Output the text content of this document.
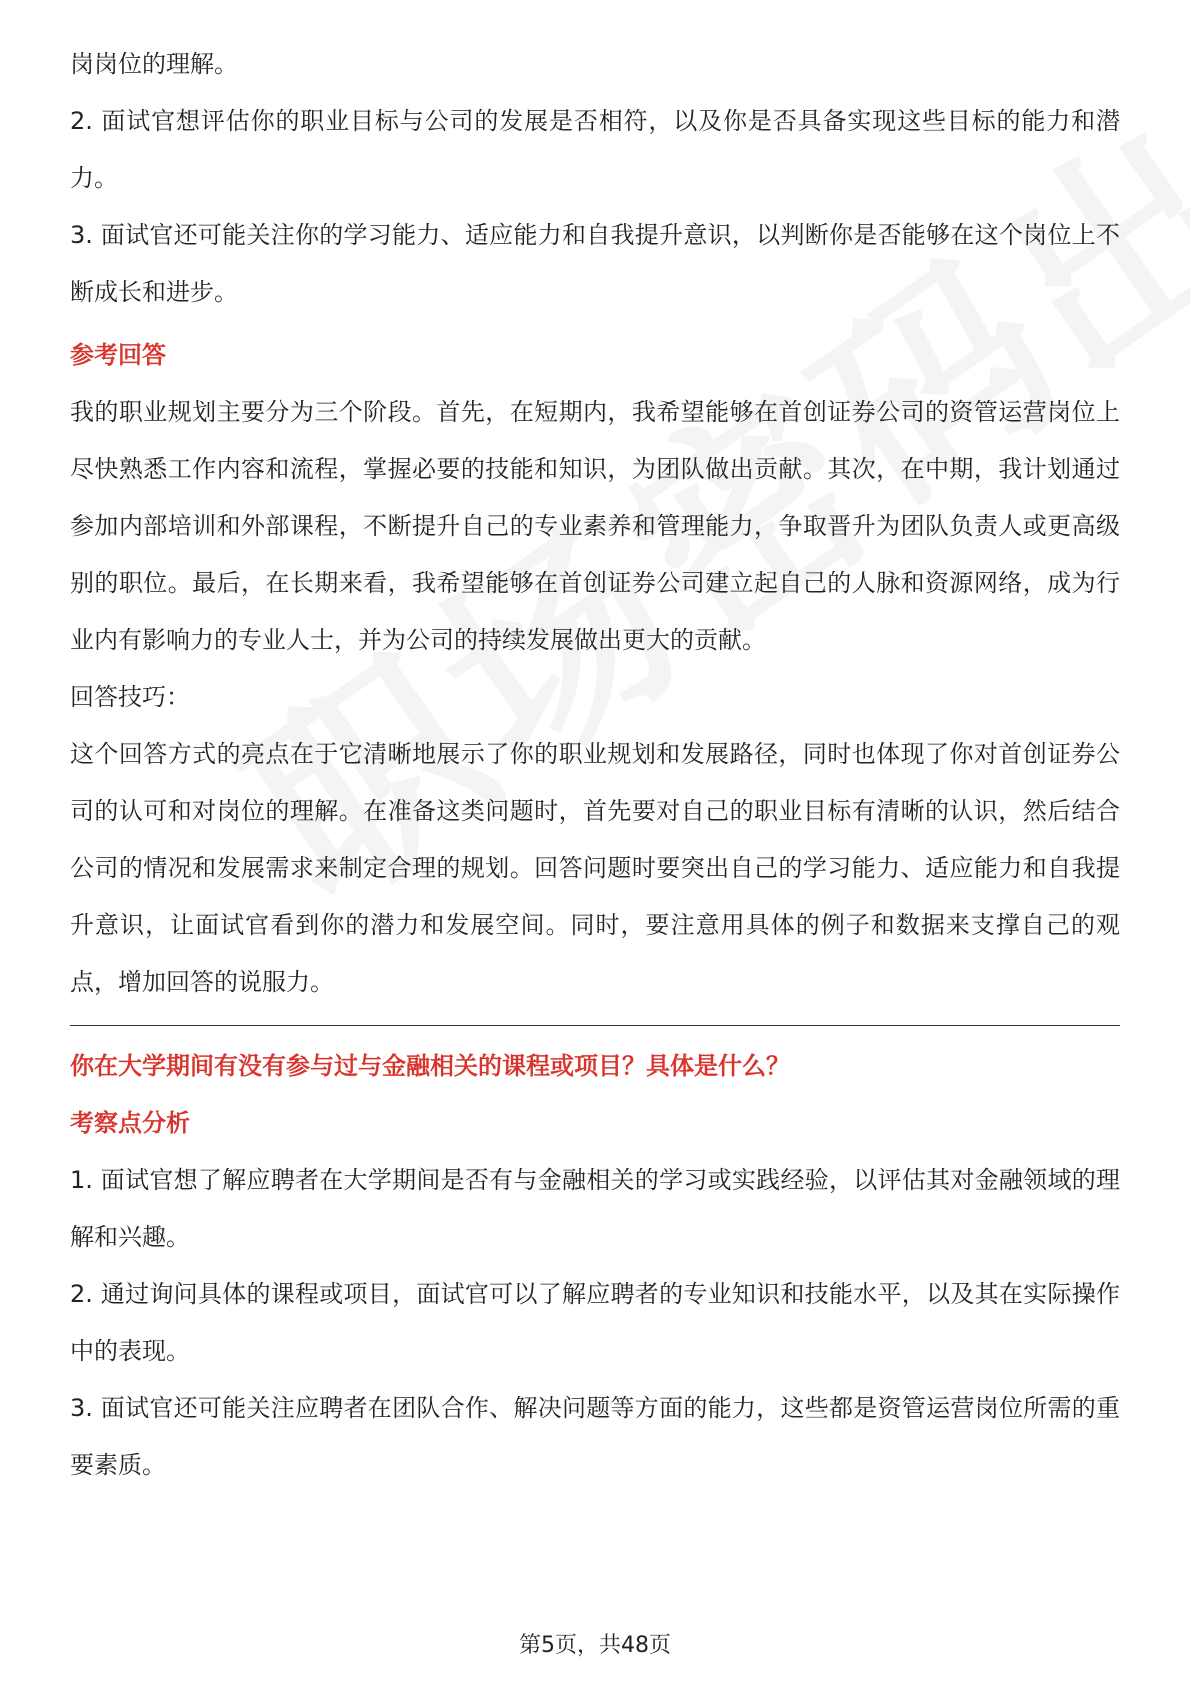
岗岗位的理解。

2. 面试官想评估你的职业目标与公司的发展是否相符，以及你是否具备实现这些目标的能力和潜力。

3. 面试官还可能关注你的学习能力、适应能力和自我提升意识，以判断你是否能够在这个岗位上不断成长和进步。

参考回答

我的职业规划主要分为三个阶段。首先，在短期内，我希望能够在首创证券公司的资管运营岗位上尽快熟悉工作内容和流程，掌握必要的技能和知识，为团队做出贡献。其次，在中期，我计划通过参加内部培训和外部课程，不断提升自己的专业素养和管理能力，争取晋升为团队负责人或更高级别的职位。最后，在长期来看，我希望能够在首创证券公司建立起自己的人脉和资源网络，成为行业内有影响力的专业人士，并为公司的持续发展做出更大的贡献。

回答技巧：

这个回答方式的亮点在于它清晰地展示了你的职业规划和发展路径，同时也体现了你对首创证券公司的认可和对岗位的理解。在准备这类问题时，首先要对自己的职业目标有清晰的认识，然后结合公司的情况和发展需求来制定合理的规划。回答问题时要突出自己的学习能力、适应能力和自我提升意识，让面试官看到你的潜力和发展空间。同时，要注意用具体的例子和数据来支撑自己的观点，增加回答的说服力。

你在大学期间有没有参与过与金融相关的课程或项目？具体是什么？
考察点分析

1. 面试官想了解应聘者在大学期间是否有与金融相关的学习或实践经验，以评估其对金融领域的理解和兴趣。

2. 通过询问具体的课程或项目，面试官可以了解应聘者的专业知识和技能水平，以及其在实际操作中的表现。

3. 面试官还可能关注应聘者在团队合作、解决问题等方面的能力，这些都是资管运营岗位所需的重要素质。

第5页，共48页
